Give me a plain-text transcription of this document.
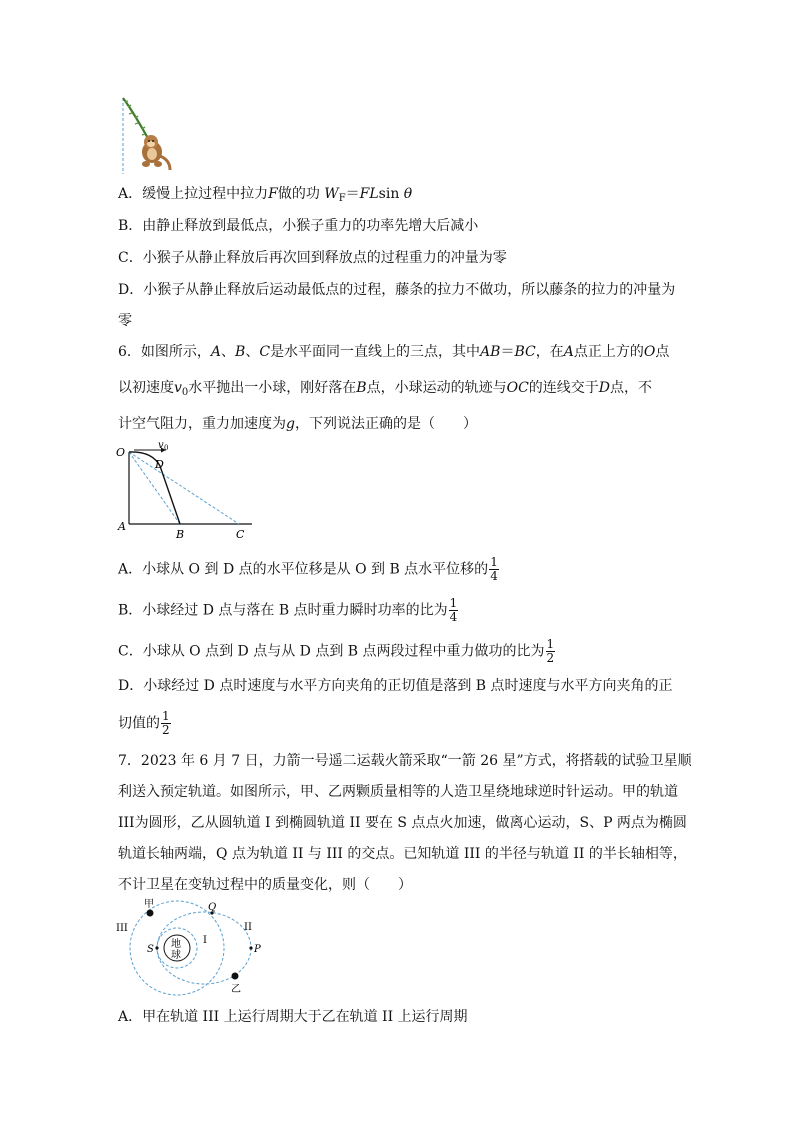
A．缓慢上拉过程中拉力F做的功 $W_F=FLsin$ θ
B．由静止释放到最低点，小猴子重力的功率先增大后减小
C．小猴子从静止释放后再次回到释放点的过程重力的冲量为零
D．小猴子从静止释放后运动最低点的过程，藤条的拉力不做功，所以藤条的拉力的冲量为
零
6．如图所示，A、B、C是水平面同一直线上的三点，其中AB＝BC，在A点正上方的O点
以初速度$v_0$水平抛出一小球，刚好落在B点，小球运动的轨迹与OC的连线交于D点，不
计空气阻力，重力加速度为g，下列说法正确的是（　　）
O
v 0
D
A
B	C
A．小球从 O 到 D 点的水平位移是从 O 到 B 点水平位移的 $\frac{1}{4}$
B．小球经过 D 点与落在 B 点时重力瞬时功率的比为 $\frac{1}{4}$
C．小球从 O 点到 D 点与从 D 点到 B 点两段过程中重力做功的比为 $\frac{1}{2}$
D．小球经过 D 点时速度与水平方向夹角的正切值是落到 B 点时速度与水平方向夹角的正
切值的 $\frac{1}{2}$
7．2023 年 6 月 7 日，力箭一号遥二运载火箭采取“一箭 26 星”方式，将搭载的试验卫星顺
利送入预定轨道。如图所示，甲、乙两颗质量相等的人造卫星绕地球逆时针运动。甲的轨道
III为圆形，乙从圆轨道 I 到椭圆轨道 II 要在 S 点点火加速，做离心运动，S、P 两点为椭圆
轨道长轴两端，Q 点为轨道 II 与 III 的交点。已知轨道 III 的半径与轨道 II 的半长轴相等，
不计卫星在变轨过程中的质量变化，则（　　）
地
球
甲
乙
III	II
I
S	P
Q
A．甲在轨道 III 上运行周期大于乙在轨道 II 上运行周期
